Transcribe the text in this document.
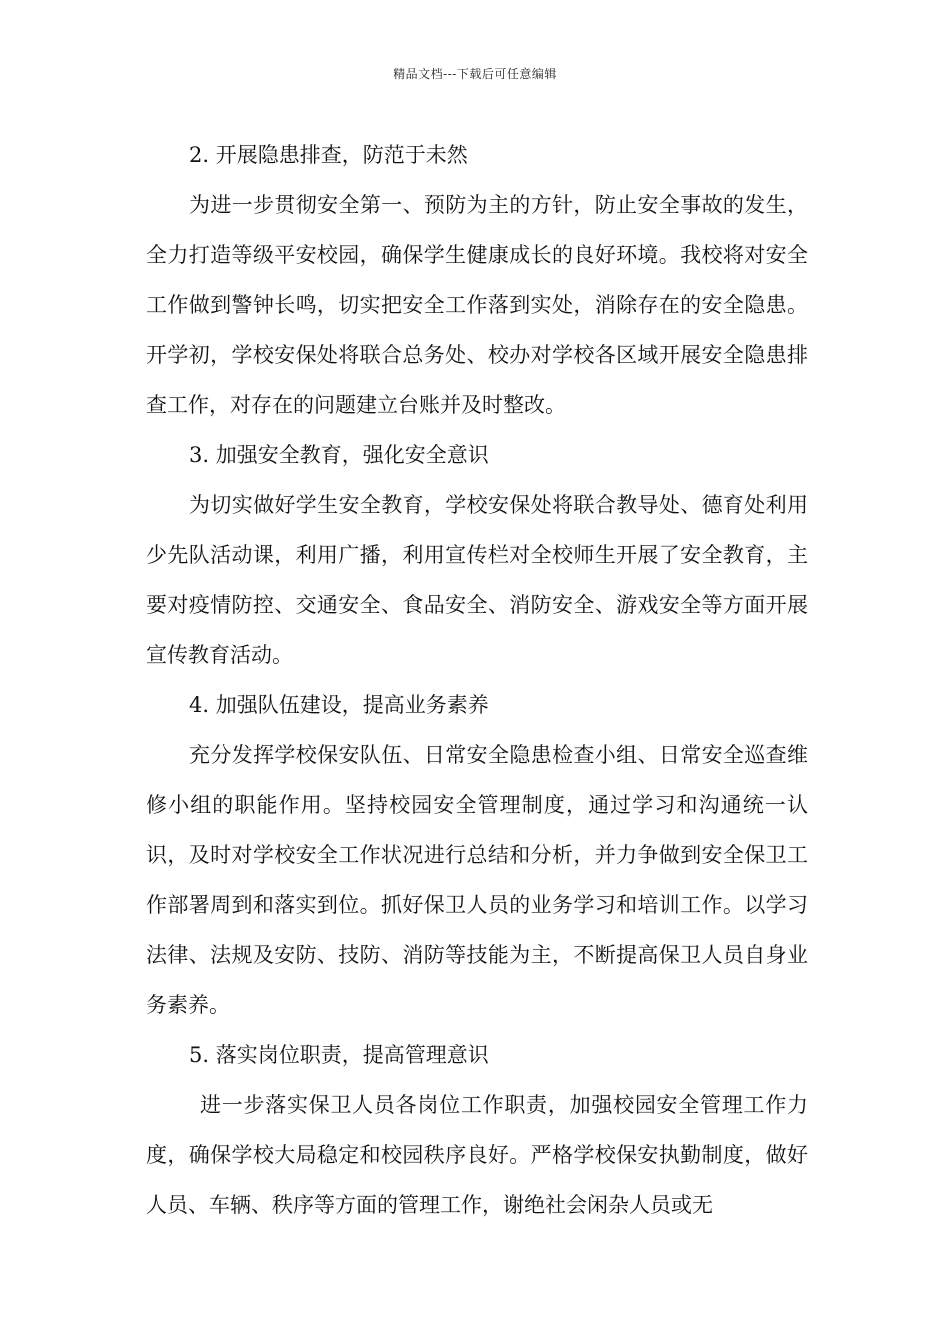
精品文档---下载后可任意编辑

2. 开展隐患排查，防范于未然

为进一步贯彻安全第一、预防为主的方针，防止安全事故的发生，全力打造等级平安校园，确保学生健康成长的良好环境。我校将对安全工作做到警钟长鸣，切实把安全工作落到实处，消除存在的安全隐患。开学初，学校安保处将联合总务处、校办对学校各区域开展安全隐患排查工作，对存在的问题建立台账并及时整改。

3. 加强安全教育，强化安全意识

为切实做好学生安全教育，学校安保处将联合教导处、德育处利用少先队活动课，利用广播，利用宣传栏对全校师生开展了安全教育，主要对疫情防控、交通安全、食品安全、消防安全、游戏安全等方面开展宣传教育活动。

4. 加强队伍建设，提高业务素养

充分发挥学校保安队伍、日常安全隐患检查小组、日常安全巡查维修小组的职能作用。坚持校园安全管理制度，通过学习和沟通统一认识，及时对学校安全工作状况进行总结和分析，并力争做到安全保卫工作部署周到和落实到位。抓好保卫人员的业务学习和培训工作。以学习法律、法规及安防、技防、消防等技能为主，不断提高保卫人员自身业务素养。

5. 落实岗位职责，提高管理意识

进一步落实保卫人员各岗位工作职责，加强校园安全管理工作力度，确保学校大局稳定和校园秩序良好。严格学校保安执勤制度，做好人员、车辆、秩序等方面的管理工作，谢绝社会闲杂人员或无
